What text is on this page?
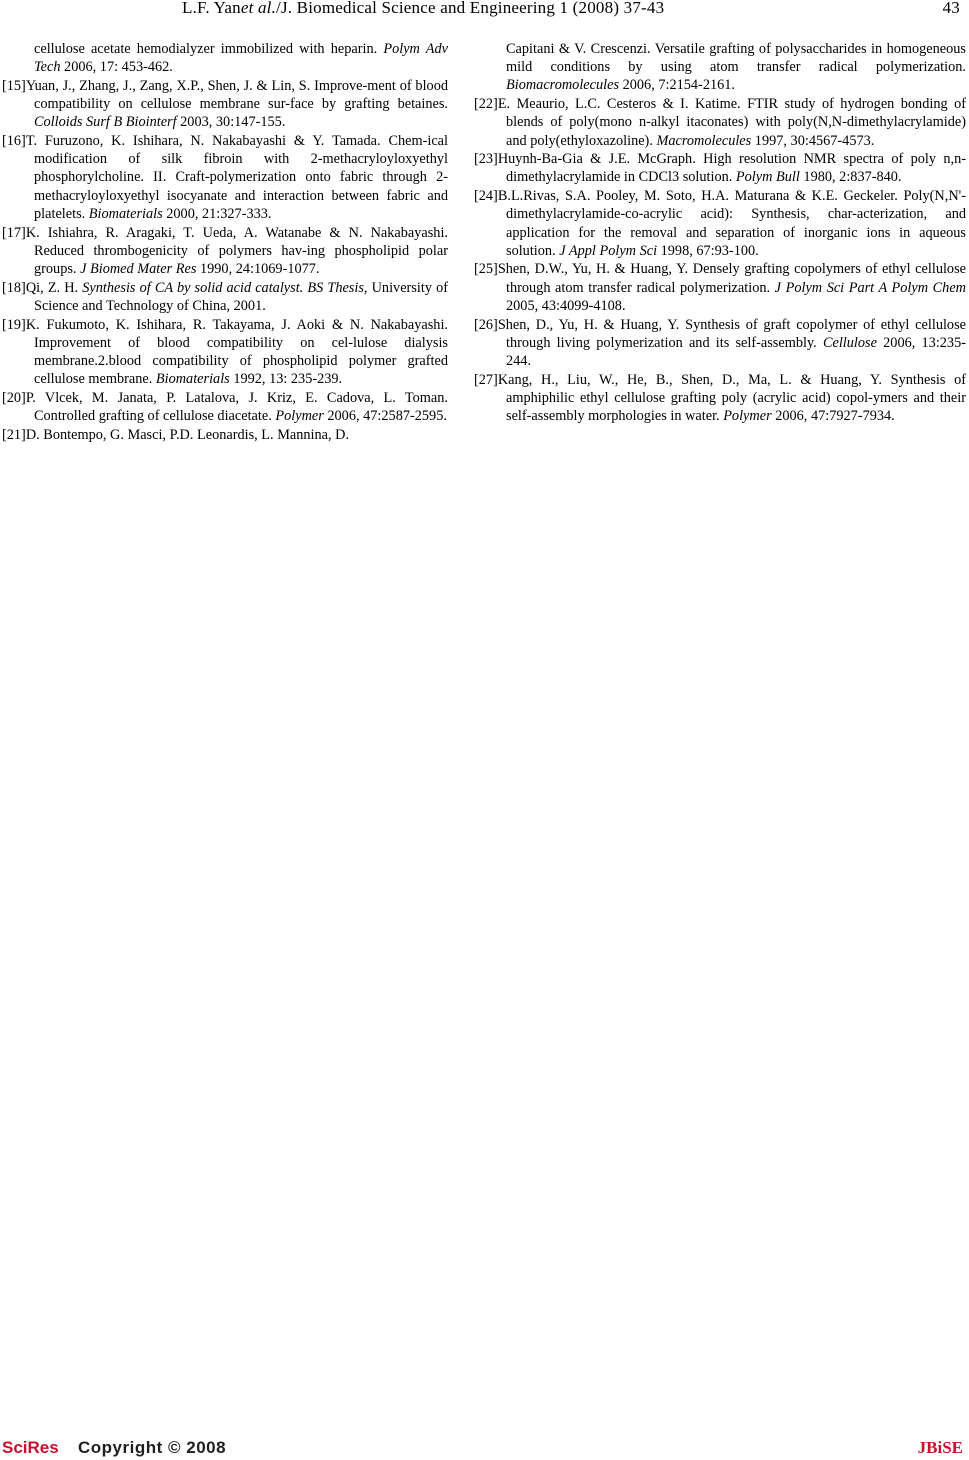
L.F. Yanet al./J. Biomedical Science and Engineering 1 (2008) 37-43	43

cellulose acetate hemodialyzer immobilized with heparin. Polym Adv Tech 2006, 17: 453-462.

[15]Yuan, J., Zhang, J., Zang, X.P., Shen, J. & Lin, S. Improve-ment of blood compatibility on cellulose membrane sur-face by grafting betaines. Colloids Surf B Biointerf 2003, 30:147-155.

[16]T. Furuzono, K. Ishihara, N. Nakabayashi & Y. Tamada. Chem-ical modification of silk fibroin with 2-methacryloyloxyethyl phosphorylcholine. II. Craft-polymerization onto fabric through 2-methacryloyloxyethyl isocyanate and interaction between fabric and platelets. Biomaterials 2000, 21:327-333.

[17]K. Ishiahra, R. Aragaki, T. Ueda, A. Watanabe & N. Nakabayashi. Reduced thrombogenicity of polymers hav-ing phospholipid polar groups. J Biomed Mater Res 1990, 24:1069-1077.

[18]Qi, Z. H. Synthesis of CA by solid acid catalyst. BS Thesis, University of Science and Technology of China, 2001.

[19]K. Fukumoto, K. Ishihara, R. Takayama, J. Aoki & N. Nakabayashi. Improvement of blood compatibility on cel-lulose dialysis membrane.2.blood compatibility of phospholipid polymer grafted cellulose membrane. Biomaterials 1992, 13: 235-239.

[20]P. Vlcek, M. Janata, P. Latalova, J. Kriz, E. Cadova, L. Toman. Controlled grafting of cellulose diacetate. Polymer 2006, 47:2587-2595.

[21]D. Bontempo, G. Masci, P.D. Leonardis, L. Mannina, D.

Capitani & V. Crescenzi. Versatile grafting of polysaccharides in homogeneous mild conditions by using atom transfer radical polymerization. Biomacromolecules 2006, 7:2154-2161.

[22]E. Meaurio, L.C. Cesteros & I. Katime. FTIR study of hydrogen bonding of blends of poly(mono n-alkyl itaconates) with poly(N,N-dimethylacrylamide) and poly(ethyloxazoline). Macromolecules 1997, 30:4567-4573.

[23]Huynh-Ba-Gia & J.E. McGraph. High resolution NMR spectra of poly n,n-dimethylacrylamide in CDCl3 solution. Polym Bull 1980, 2:837-840.

[24]B.L.Rivas, S.A. Pooley, M. Soto, H.A. Maturana & K.E. Geckeler. Poly(N,N'-dimethylacrylamide-co-acrylic acid): Synthesis, char-acterization, and application for the removal and separation of inorganic ions in aqueous solution. J Appl Polym Sci 1998, 67:93-100.

[25]Shen, D.W., Yu, H. & Huang, Y. Densely grafting copolymers of ethyl cellulose through atom transfer radical polymerization. J Polym Sci Part A Polym Chem 2005, 43:4099-4108.

[26]Shen, D., Yu, H. & Huang, Y. Synthesis of graft copolymer of ethyl cellulose through living polymerization and its self-assembly. Cellulose 2006, 13:235-244.

[27]Kang, H., Liu, W., He, B., Shen, D., Ma, L. & Huang, Y. Synthesis of amphiphilic ethyl cellulose grafting poly (acrylic acid) copol-ymers and their self-assembly morphologies in water. Polymer 2006, 47:7927-7934.

SciRes Copyright © 2008	JBiSE
